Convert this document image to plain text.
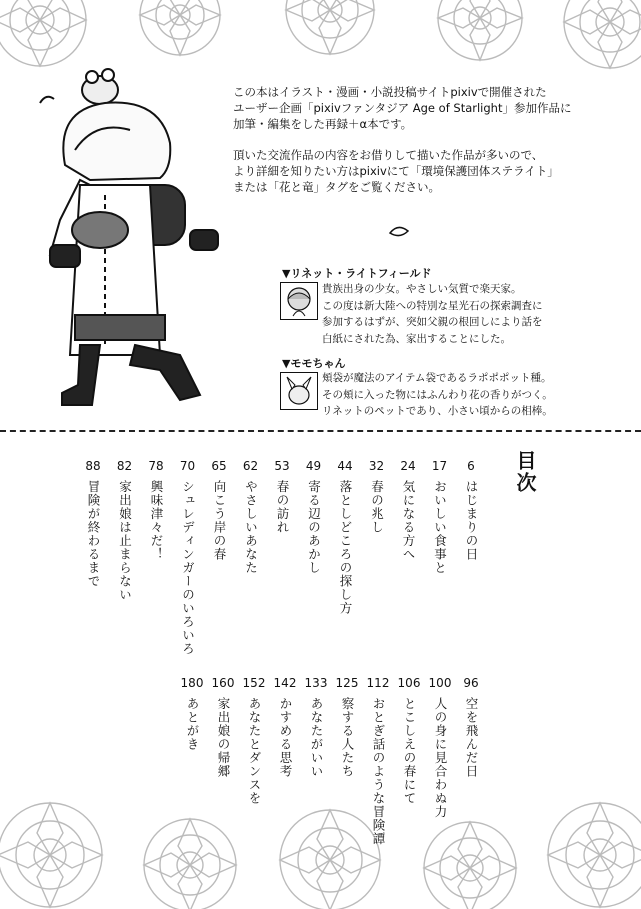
この本はイラスト・漫画・小説投稿サイトpixivで開催された
ユーザー企画「pixivファンタジア Age of Starlight」参加作品に
加筆・編集をした再録＋α本です。

頂いた交流作品の内容をお借りして描いた作品が多いので、
より詳細を知りたい方はpixivにて「環境保護団体ステライト」
または「花と竜」タグをご覧ください。

▼リネット・ライトフィールド
貴族出身の少女。やさしい気質で楽天家。
この度は新大陸への特別な星光石の探索調査に
参加するはずが、突如父親の根回しにより話を
白紙にされた為、家出することにした。
▼モモちゃん
頬袋が魔法のアイテム袋であるラポポポット種。
その頬に入った物にはふんわり花の香りがつく。
リネットのペットであり、小さい頃からの相棒。
目次
6
はじまりの日
17
おいしい食事と
24
気になる方へ
32
春の兆し
44
落としどころの探し方
49
寄る辺のあかし
53
春の訪れ
62
やさしいあなた
65
向こう岸の春
70
シュレディンガーのいろいろ
78
興味津々だ！
82
家出娘は止まらない
88
冒険が終わるまで
96
空を飛んだ日
100
人の身に見合わぬ力
106
とこしえの春にて
112
おとぎ話のような冒険譚
125
察する人たち
133
あなたがいい
142
かすめる思考
152
あなたとダンスを
160
家出娘の帰郷
180
あとがき
